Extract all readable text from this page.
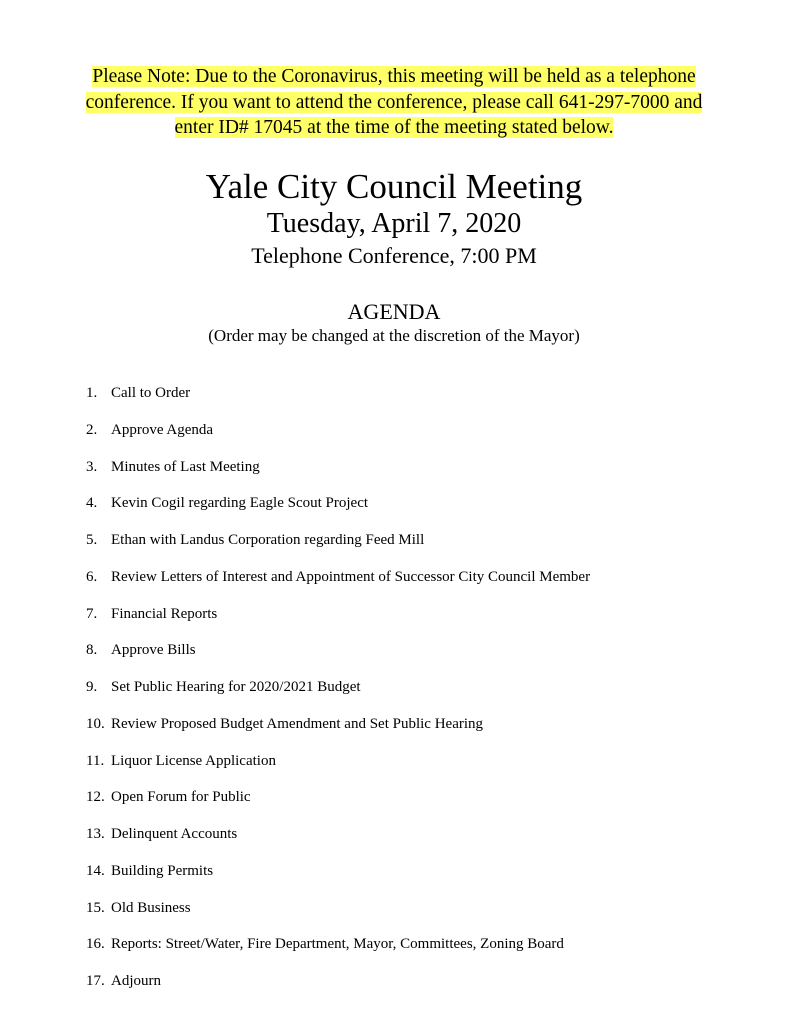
Please Note: Due to the Coronavirus, this meeting will be held as a telephone
conference. If you want to attend the conference, please call 641-297-7000 and
enter ID# 17045 at the time of the meeting stated below.
Yale City Council Meeting
Tuesday, April 7, 2020
Telephone Conference, 7:00 PM
AGENDA
(Order may be changed at the discretion of the Mayor)
1. Call to Order
2. Approve Agenda
3. Minutes of Last Meeting
4. Kevin Cogil regarding Eagle Scout Project
5. Ethan with Landus Corporation regarding Feed Mill
6. Review Letters of Interest and Appointment of Successor City Council Member
7. Financial Reports
8. Approve Bills
9. Set Public Hearing for 2020/2021 Budget
10. Review Proposed Budget Amendment and Set Public Hearing
11. Liquor License Application
12. Open Forum for Public
13. Delinquent Accounts
14. Building Permits
15. Old Business
16. Reports: Street/Water, Fire Department, Mayor, Committees, Zoning Board
17. Adjourn
